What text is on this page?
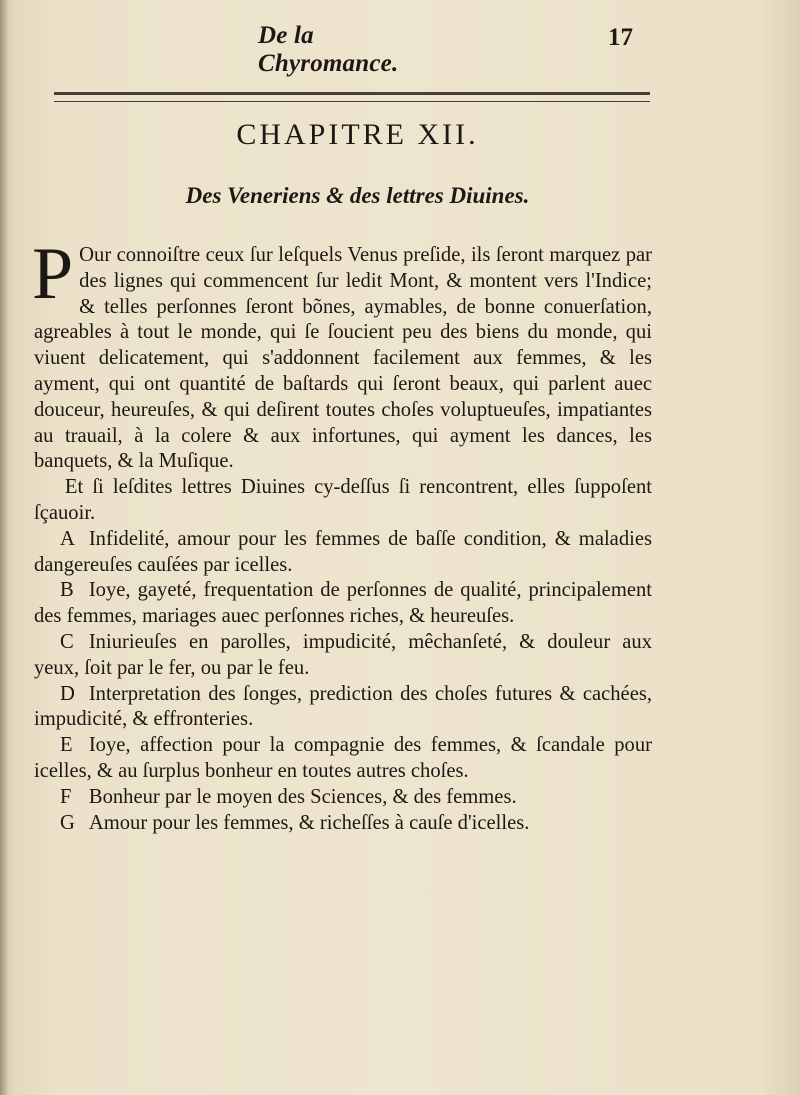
De la Chyromance.
17
CHAPITRE XII.
Des Veneriens & des lettres Diuines.

P Our connoiſtre ceux ſur leſquels Venus preſide, ils ſeront marquez par des lignes qui commencent ſur ledit Mont, & montent vers l'Indice; & telles perſonnes ſeront bõnes, aymables, de bonne conuerſation, agreables à tout le monde, qui ſe ſoucient peu des biens du monde, qui viuent delicatement, qui s'addonnent facilement aux femmes, & les ayment, qui ont quantité de baſtards qui ſeront beaux, qui parlent auec douceur, heureuſes, & qui deſirent toutes choſes voluptueuſes, impatiantes au trauail, à la colere & aux infortunes, qui ayment les dances, les banquets, & la Muſique.

Et ſi leſdites lettres Diuines cy-deſſus ſi rencontrent, elles ſuppoſent ſçauoir.

A Infidelité, amour pour les femmes de baſſe condition, & maladies dangereuſes cauſées par icelles.

B Ioye, gayeté, frequentation de perſonnes de qualité, principalement des femmes, mariages auec perſonnes riches, & heureuſes.

C Iniurieuſes en parolles, impudicité, mêchanſeté, & douleur aux yeux, ſoit par le fer, ou par le feu.

D Interpretation des ſonges, prediction des choſes futures & cachées, impudicité, & effronteries.

E Ioye, affection pour la compagnie des femmes, & ſcandale pour icelles, & au ſurplus bonheur en toutes autres choſes.

F Bonheur par le moyen des Sciences, & des femmes.

G Amour pour les femmes, & richeſſes à cauſe d'icelles.
